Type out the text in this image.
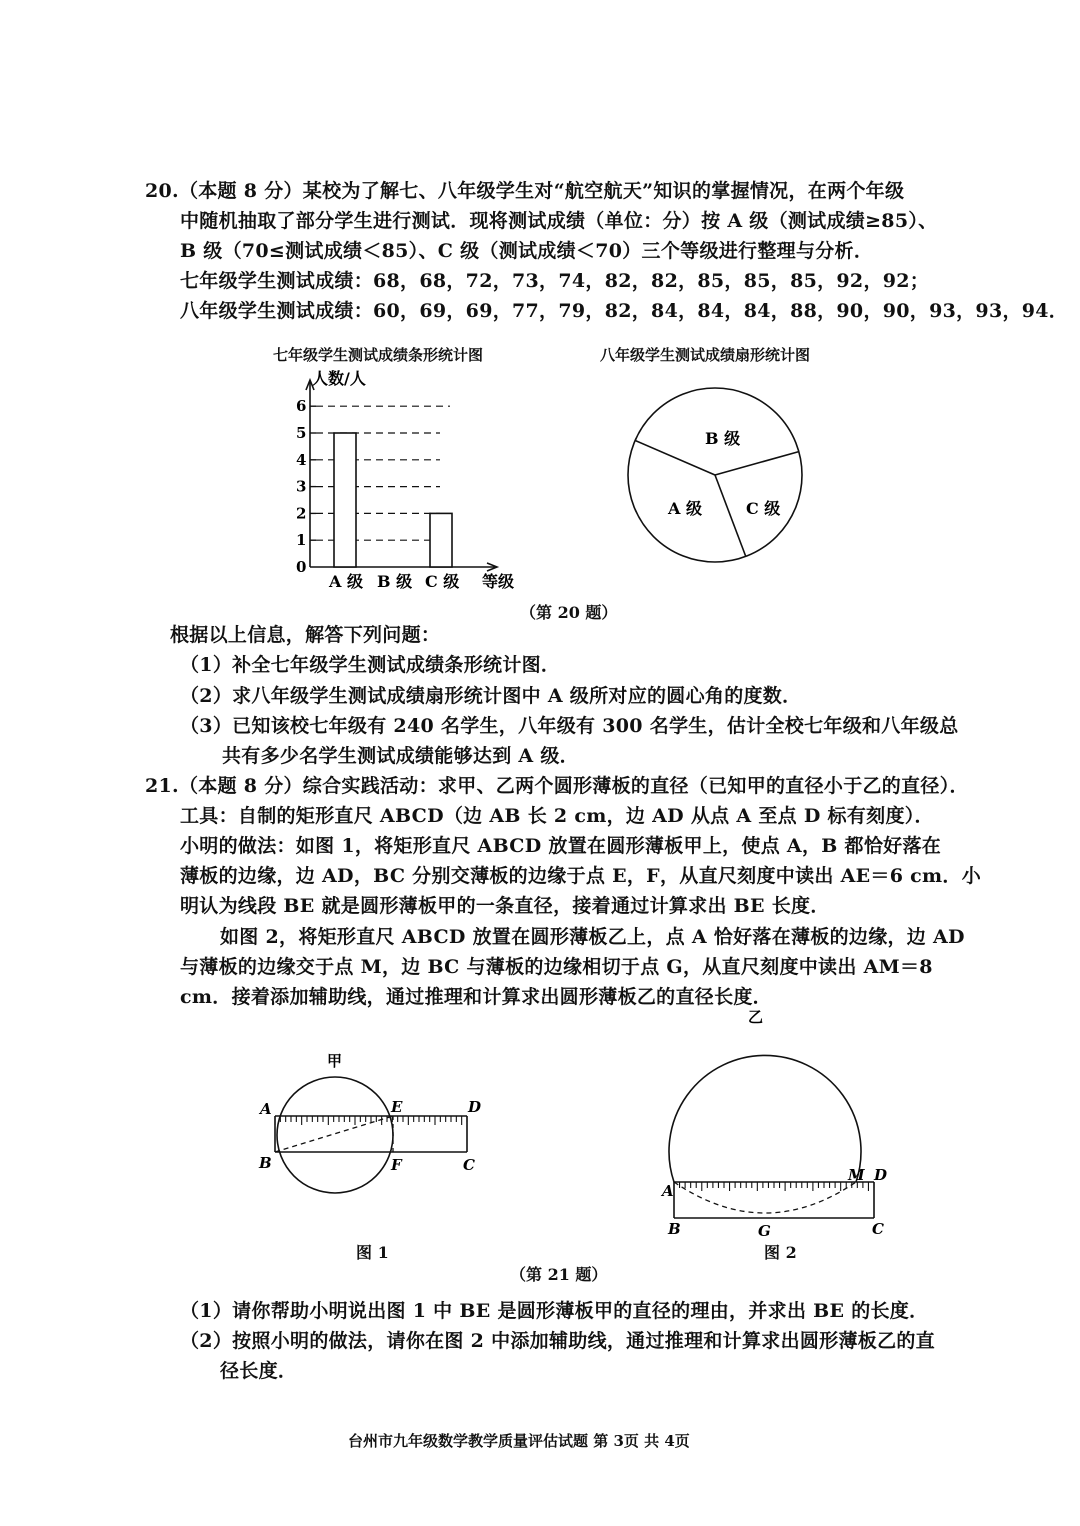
20.（本题 8 分）某校为了解七、八年级学生对“航空航天”知识的掌握情况，在两个年级
中随机抽取了部分学生进行测试．现将测试成绩（单位：分）按 A 级（测试成绩≥85）、
B 级（70≤测试成绩＜85）、C 级（测试成绩＜70）三个等级进行整理与分析．
七年级学生测试成绩：68，68，72，73，74，82，82，85，85，85，92，92；
八年级学生测试成绩：60，69，69，77，79，82，84，84，84，88，90，90，93，93，94．
七年级学生测试成绩条形统计图	八年级学生测试成绩扇形统计图
人数/人
0
1
2
3
4
5
6
A 级 B 级 C 级 等级
B 级
C 级
A 级
（第 20 题）
根据以上信息，解答下列问题：
（1）补全七年级学生测试成绩条形统计图．
（2）求八年级学生测试成绩扇形统计图中 A 级所对应的圆心角的度数．
（3）已知该校七年级有 240 名学生，八年级有 300 名学生，估计全校七年级和八年级总
共有多少名学生测试成绩能够达到 A 级．
21.（本题 8 分）综合实践活动：求甲、乙两个圆形薄板的直径（已知甲的直径小于乙的直径）．
工具：自制的矩形直尺 ABCD（边 AB 长 2 cm，边 AD 从点 A 至点 D 标有刻度）．
小明的做法：如图 1，将矩形直尺 ABCD 放置在圆形薄板甲上，使点 A，B 都恰好落在
薄板的边缘，边 AD，BC 分别交薄板的边缘于点 E，F，从直尺刻度中读出 AE＝6 cm．小
明认为线段 BE 就是圆形薄板甲的一条直径，接着通过计算求出 BE 长度．
如图 2，将矩形直尺 ABCD 放置在圆形薄板乙上，点 A 恰好落在薄板的边缘，边 AD
与薄板的边缘交于点 M，边 BC 与薄板的边缘相切于点 G，从直尺刻度中读出 AM＝8
cm．接着添加辅助线，通过推理和计算求出圆形薄板乙的直径长度．
甲
A	E	D
B	F	C
图 1
乙
A
M D
B	G	C
图 2
（第 21 题）
（1）请你帮助小明说出图 1 中 BE 是圆形薄板甲的直径的理由，并求出 BE 的长度．
（2）按照小明的做法，请你在图 2 中添加辅助线，通过推理和计算求出圆形薄板乙的直
径长度．
台州市九年级数学教学质量评估试题 第 3页 共 4页
